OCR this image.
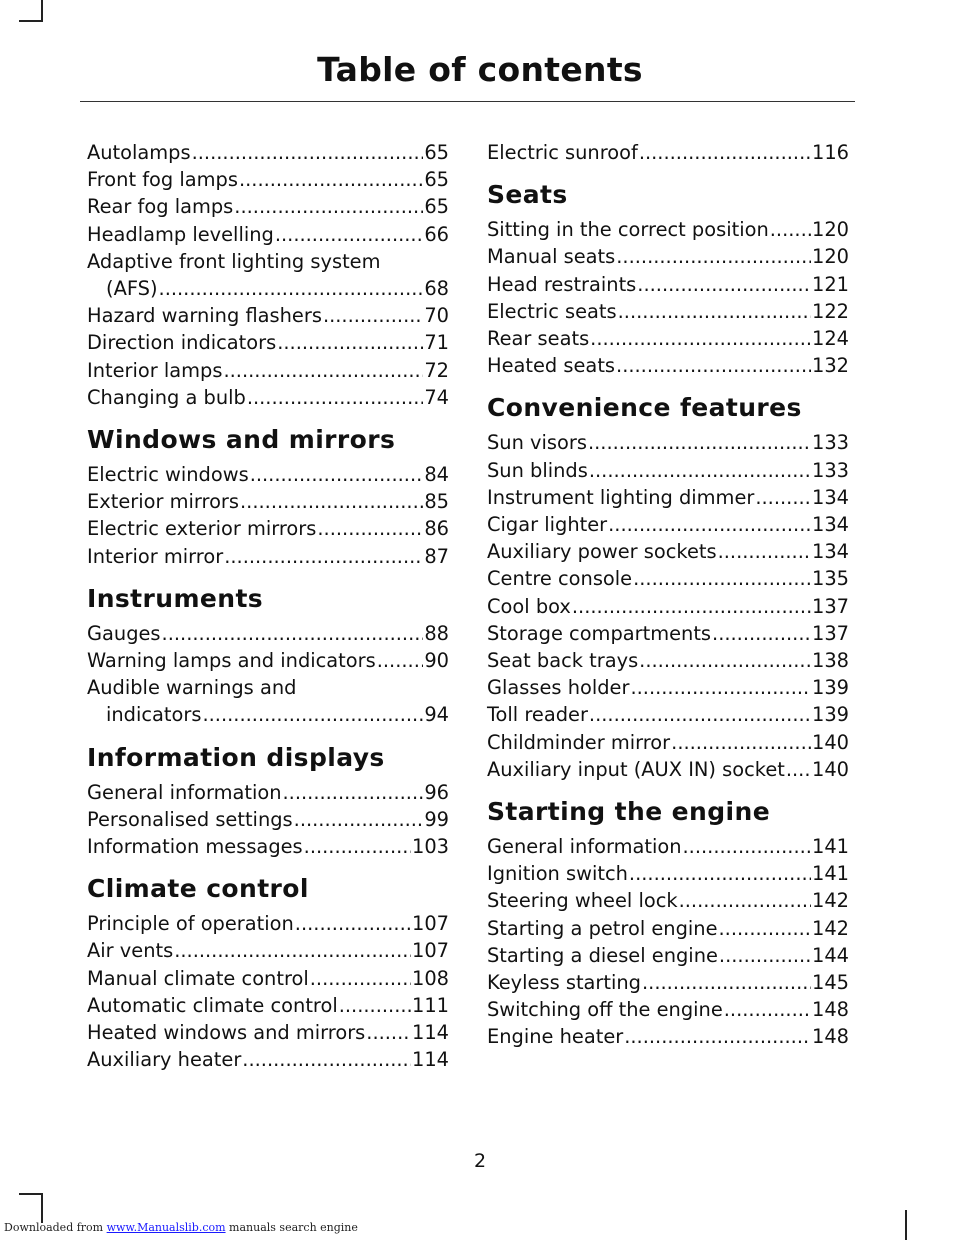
Table of contents
Autolamps .....	65
Front fog lamps .....	65
Rear fog lamps .....	65
Headlamp levelling .....	66
Adaptive front lighting system
(AFS) .....	68
Hazard warning flashers .....	70
Direction indicators .....	71
Interior lamps .....	72
Changing a bulb .....	74
Windows and mirrors
Electric windows .....	84
Exterior mirrors .....	85
Electric exterior mirrors .....	86
Interior mirror .....	87
Instruments
Gauges .....	88
Warning lamps and indicators .....	90
Audible warnings and
indicators .....	94
Information displays
General information .....	96
Personalised settings .....	99
Information messages .....	103
Climate control
Principle of operation .....	107
Air vents .....	107
Manual climate control .....	108
Automatic climate control .....	111
Heated windows and mirrors ..... 114
Auxiliary heater .....	114
Electric sunroof .....	116
Seats
Sitting in the correct position ..... 120
Manual seats .....	120
Head restraints .....	121
Electric seats .....	122
Rear seats .....	124
Heated seats .....	132
Convenience features
Sun visors .....	133
Sun blinds .....	133
Instrument lighting dimmer .....	134
Cigar lighter .....	134
Auxiliary power sockets .....	134
Centre console .....	135
Cool box .....	137
Storage compartments .....	137
Seat back trays .....	138
Glasses holder .....	139
Toll reader .....	139
Childminder mirror .....	140
Auxiliary input (AUX IN) socket ..... 140
Starting the engine
General information .....	141
Ignition switch .....	141
Steering wheel lock .....	142
Starting a petrol engine .....	142
Starting a diesel engine .....	144
Keyless starting .....	145
Switching off the engine .....	148
Engine heater .....	148
2
Downloaded from www.Manualslib.com manuals search engine
